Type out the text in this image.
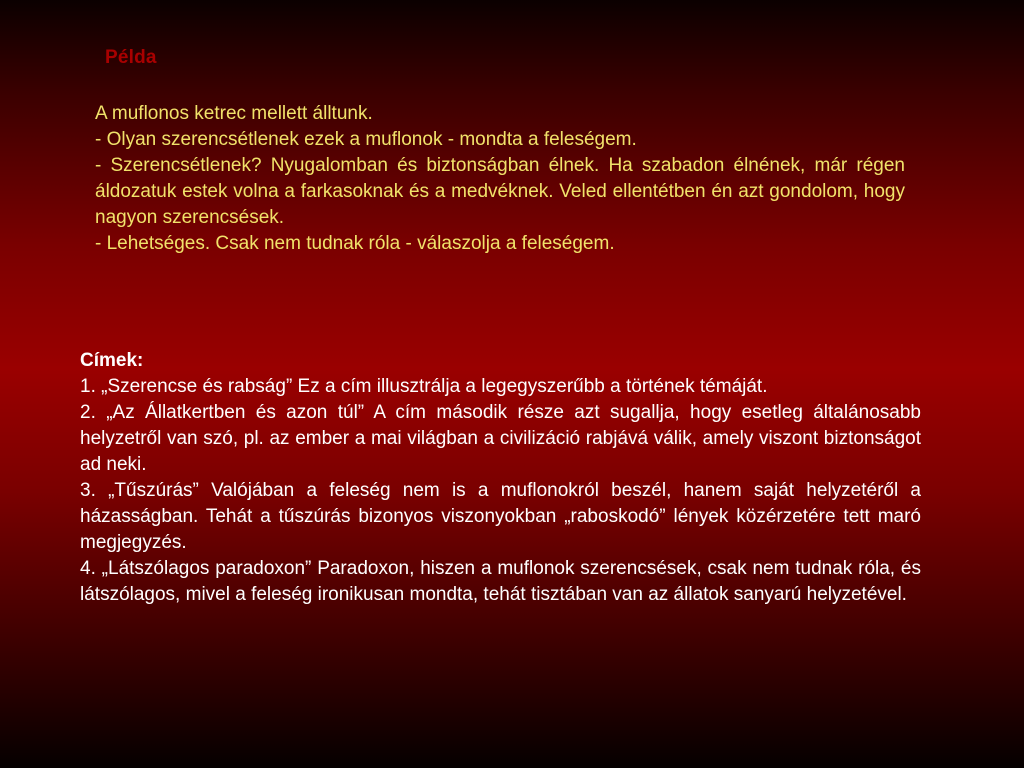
Példa

A muflonos ketrec mellett álltunk.

- Olyan szerencsétlenek ezek a muflonok - mondta a feleségem.

- Szerencsétlenek? Nyugalomban és biztonságban élnek. Ha szabadon élnének, már régen áldozatuk estek volna a farkasoknak és a medvéknek. Veled ellentétben én azt gondolom, hogy nagyon szerencsések.

- Lehetséges. Csak nem tudnak róla - válaszolja a feleségem.

Címek:

1. „Szerencse és rabság” Ez a cím illusztrálja a legegyszerűbb a történek témáját.

2. „Az Állatkertben és azon túl” A cím második része azt sugallja, hogy esetleg általánosabb helyzetről van szó, pl. az ember a mai világban a civilizáció rabjává válik, amely viszont biztonságot ad neki.

3. „Tűszúrás” Valójában a feleség nem is a muflonokról beszél, hanem saját helyzetéről a házasságban. Tehát a tűszúrás bizonyos viszonyokban „raboskodó” lények közérzetére tett maró megjegyzés.

4. „Látszólagos paradoxon” Paradoxon, hiszen a muflonok szerencsések, csak nem tudnak róla, és látszólagos, mivel a feleség ironikusan mondta, tehát tisztában van az állatok sanyarú helyzetével.
